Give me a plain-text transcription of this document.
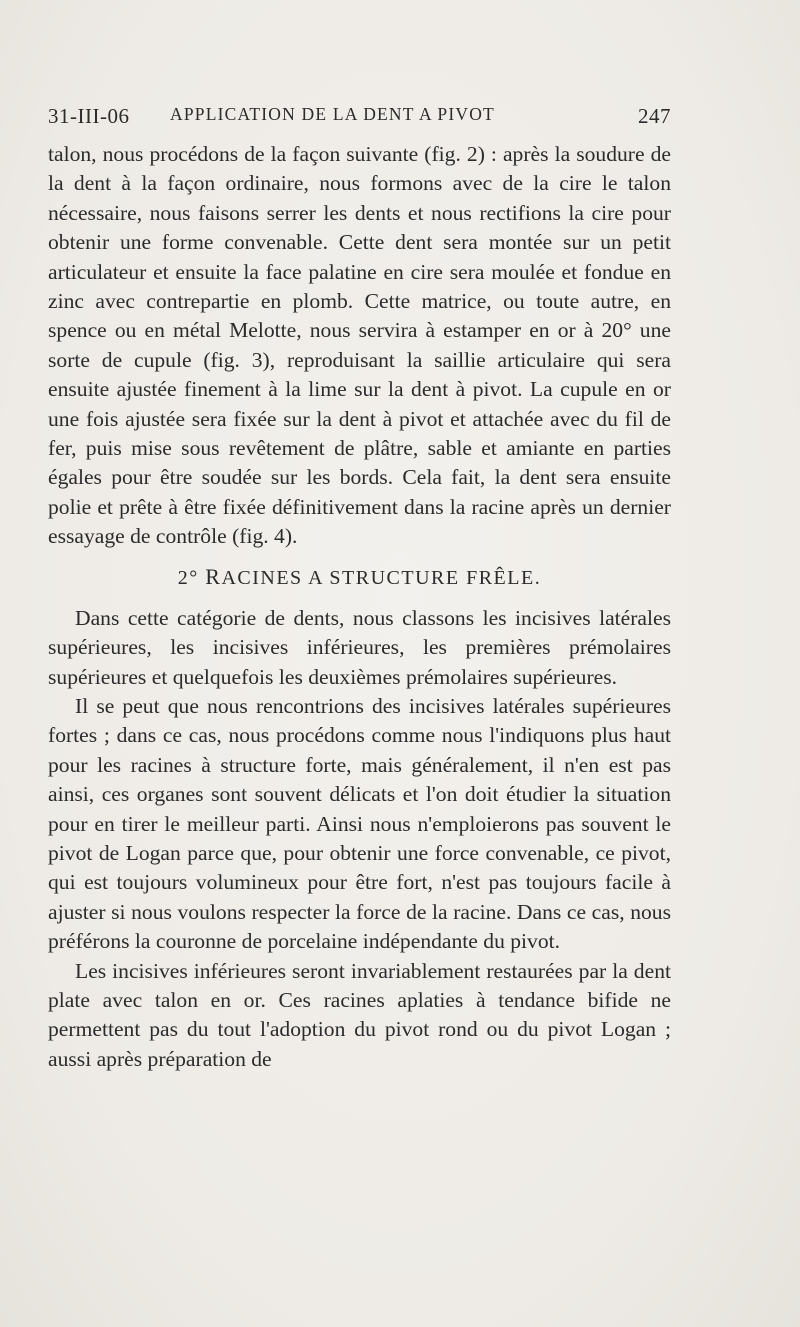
31-III-06 APPLICATION DE LA DENT A PIVOT	247

talon, nous procédons de la façon suivante (fig. 2) : après la soudure de la dent à la façon ordinaire, nous formons avec de la cire le talon nécessaire, nous faisons serrer les dents et nous rectifions la cire pour obtenir une forme convenable. Cette dent sera montée sur un petit articulateur et ensuite la face palatine en cire sera moulée et fondue en zinc avec contrepartie en plomb. Cette matrice, ou toute autre, en spence ou en métal Melotte, nous servira à estamper en or à 20° une sorte de cupule (fig. 3), reproduisant la saillie articulaire qui sera ensuite ajustée finement à la lime sur la dent à pivot. La cupule en or une fois ajustée sera fixée sur la dent à pivot et attachée avec du fil de fer, puis mise sous revêtement de plâtre, sable et amiante en parties égales pour être soudée sur les bords. Cela fait, la dent sera ensuite polie et prête à être fixée définitivement dans la racine après un dernier essayage de contrôle (fig. 4).

2° RACINES A STRUCTURE FRÊLE.

Dans cette catégorie de dents, nous classons les incisives latérales supérieures, les incisives inférieures, les premières prémolaires supérieures et quelquefois les deuxièmes prémolaires supérieures.

Il se peut que nous rencontrions des incisives latérales supérieures fortes ; dans ce cas, nous procédons comme nous l'indiquons plus haut pour les racines à structure forte, mais généralement, il n'en est pas ainsi, ces organes sont souvent délicats et l'on doit étudier la situation pour en tirer le meilleur parti. Ainsi nous n'emploierons pas souvent le pivot de Logan parce que, pour obtenir une force convenable, ce pivot, qui est toujours volumineux pour être fort, n'est pas toujours facile à ajuster si nous voulons respecter la force de la racine. Dans ce cas, nous préférons la couronne de porcelaine indépendante du pivot.

Les incisives inférieures seront invariablement restaurées par la dent plate avec talon en or. Ces racines aplaties à tendance bifide ne permettent pas du tout l'adoption du pivot rond ou du pivot Logan ; aussi après préparation de
